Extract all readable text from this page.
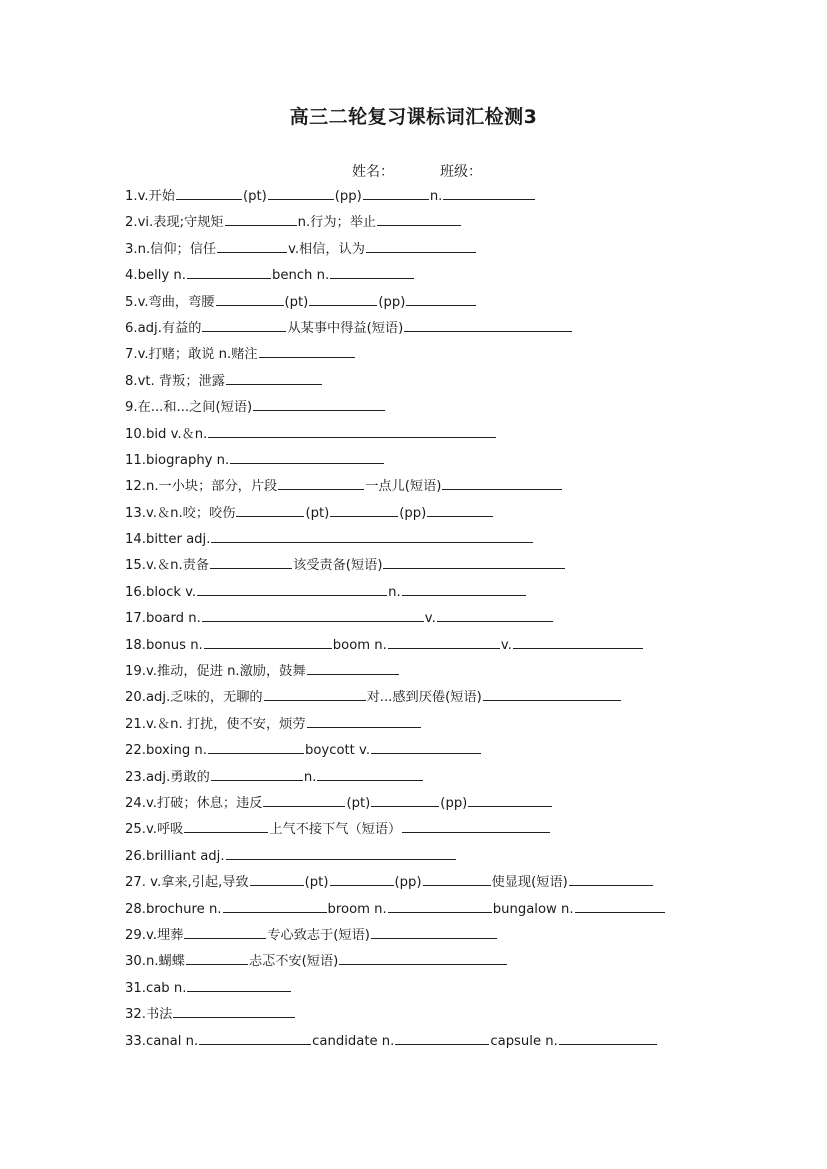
高三二轮复习课标词汇检测3
姓名：	班级：
1.v.开始	(pt)	(pp)	n.
2.vi.表现;守规矩	n.行为；举止
3.n.信仰；信任	v.相信，认为
4.belly n.	bench n.
5.v.弯曲，弯腰	(pt)	(pp)
6.adj.有益的	从某事中得益(短语)
7.v.打赌；敢说 n.赌注
8.vt. 背叛；泄露
9.在...和...之间(短语)
10.bid v.＆n.
11.biography n.
12.n.一小块；部分，片段	一点儿(短语)
13.v.＆n.咬；咬伤	(pt)	(pp)
14.bitter adj.
15.v.＆n.责备	该受责备(短语)
16.block v.	n.
17.board n.	v.
18.bonus n.	boom n.	v.
19.v.推动，促进 n.激励，鼓舞
20.adj.乏味的，无聊的	对...感到厌倦(短语)
21.v.＆n. 打扰，使不安，烦劳
22.boxing n.	boycott v.
23.adj.勇敢的	n.
24.v.打破；休息；违反	(pt)	(pp)
25.v.呼吸	上气不接下气（短语）
26.brilliant adj.
27. v.拿来,引起,导致	(pt)	(pp)	使显现(短语)
28.brochure n.	broom n.	bungalow n.
29.v.埋葬	专心致志于(短语)
30.n.蝴蝶	忐忑不安(短语)
31.cab n.
32.书法
33.canal n.	candidate n.	capsule n.
